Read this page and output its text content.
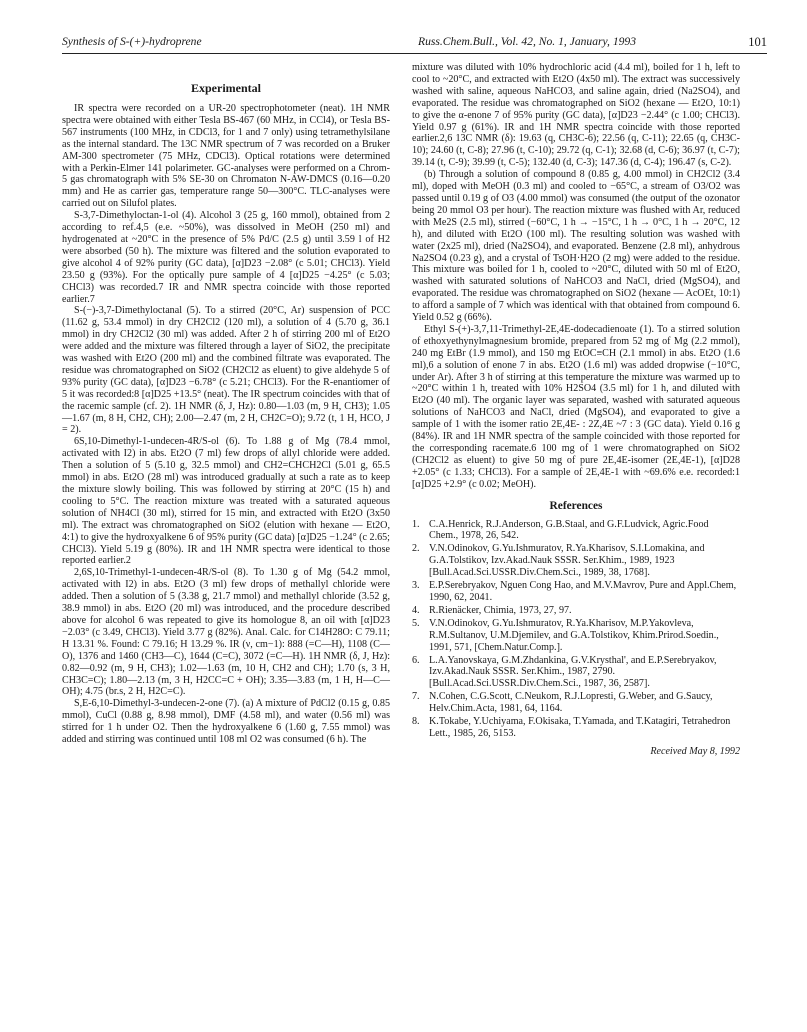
Synthesis of S-(+)-hydroprene	Russ.Chem.Bull., Vol. 42, No. 1, January, 1993	101
Experimental

IR spectra were recorded on a UR-20 spectrophotometer (neat). 1H NMR spectra were obtained with either Tesla BS-467 (60 MHz, in CCl4), or Tesla BS-567 instruments (100 MHz, in CDCl3, for 1 and 7 only) using tetramethylsilane as the internal standard. The 13C NMR spectrum of 7 was recorded on a Bruker AM-300 spectrometer (75 MHz, CDCl3). Optical rotations were determined with a Perkin-Elmer 141 polarimeter. GC-analyses were performed on a Chrom-5 gas chromatograph with 5% SE-30 on Chromaton N-AW-DMCS (0.16—0.20 mm) and He as carrier gas, temperature range 50—300°C. TLC-analyses were carried out on Silufol plates.

S-3,7-Dimethyloctan-1-ol (4). Alcohol 3 (25 g, 160 mmol), obtained from 2 according to ref.4,5 (e.e. ~50%), was dissolved in MeOH (250 ml) and hydrogenated at ~20°C in the presence of 5% Pd/C (2.5 g) until 3.59 l of H2 were absorbed (50 h). The mixture was filtered and the solution evaporated to give alcohol 4 of 92% purity (GC data), [α]D23 −2.08° (c 5.01; CHCl3). Yield 23.50 g (93%). For the optically pure sample of 4 [α]D25 −4.25° (c 5.03; CHCl3) was recorded.7 IR and NMR spectra coincide with those reported earlier.7

S-(−)-3,7-Dimethyloctanal (5). To a stirred (20°C, Ar) suspension of PCC (11.62 g, 53.4 mmol) in dry CH2Cl2 (120 ml), a solution of 4 (5.70 g, 36.1 mmol) in dry CH2Cl2 (30 ml) was added. After 2 h of stirring 200 ml of Et2O were added and the mixture was filtered through a layer of SiO2, the precipitate was washed with Et2O (200 ml) and the combined filtrate was evaporated. The residue was chromatographed on SiO2 (CH2Cl2 as eluent) to give aldehyde 5 of 93% purity (GC data), [α]D23 −6.78° (c 5.21; CHCl3). For the R-enantiomer of 5 it was recorded:8 [α]D25 +13.5° (neat). The IR spectrum coincides with that of the racemic sample (cf. 2). 1H NMR (δ, J, Hz): 0.80—1.03 (m, 9 H, CH3); 1.05—1.67 (m, 8 H, CH2, CH); 2.00—2.47 (m, 2 H, CH2C=O); 9.72 (t, 1 H, HCO, J = 2).

6S,10-Dimethyl-1-undecen-4R/S-ol (6). To 1.88 g of Mg (78.4 mmol, activated with I2) in abs. Et2O (7 ml) few drops of allyl chloride were added. Then a solution of 5 (5.10 g, 32.5 mmol) and CH2=CHCH2Cl (5.01 g, 65.5 mmol) in abs. Et2O (28 ml) was introduced gradually at such a rate as to keep the mixture slowly boiling. This was followed by stirring at 20°C (15 h) and cooling to 5°C. The reaction mixture was treated with a saturated aqueous solution of NH4Cl (30 ml), stirred for 15 min, and extracted with Et2O (3x50 ml). The extract was chromatographed on SiO2 (elution with hexane — Et2O, 4:1) to give the hydroxyalkene 6 of 95% purity (GC data) [α]D25 −1.24° (c 2.65; CHCl3). Yield 5.19 g (80%). IR and 1H NMR spectra were identical to those reported earlier.2

2,6S,10-Trimethyl-1-undecen-4R/S-ol (8). To 1.30 g of Mg (54.2 mmol, activated with I2) in abs. Et2O (3 ml) few drops of methallyl chloride were added. Then a solution of 5 (3.38 g, 21.7 mmol) and methallyl chloride (3.52 g, 38.9 mmol) in abs. Et2O (20 ml) was introduced, and the procedure described above for alcohol 6 was repeated to give its homologue 8, an oil with [α]D23 −2.03° (c 3.49, CHCl3). Yield 3.77 g (82%). Anal. Calc. for C14H28O: C 79.11; H 13.31 %. Found: C 79.16; H 13.29 %. IR (ν, cm−1): 888 (=C—H), 1108 (C—O), 1376 and 1460 (CH3—C), 1644 (C=C), 3072 (=C—H). 1H NMR (δ, J, Hz): 0.82—0.92 (m, 9 H, CH3); 1.02—1.63 (m, 10 H, CH2 and CH); 1.70 (s, 3 H, CH3C=C); 1.80—2.13 (m, 3 H, H2CC=C + OH); 3.35—3.83 (m, 1 H, H—C—OH); 4.75 (br.s, 2 H, H2C=C).

S,E-6,10-Dimethyl-3-undecen-2-one (7). (a) A mixture of PdCl2 (0.15 g, 0.85 mmol), CuCl (0.88 g, 8.98 mmol), DMF (4.58 ml), and water (0.56 ml) was stirred for 1 h under O2. Then the hydroxyalkene 6 (1.60 g, 7.55 mmol) was added and stirring was continued until 108 ml O2 was consumed (6 h). The

mixture was diluted with 10% hydrochloric acid (4.4 ml), boiled for 1 h, left to cool to ~20°C, and extracted with Et2O (4x50 ml). The extract was successively washed with saline, aqueous NaHCO3, and saline again, dried (Na2SO4), and evaporated. The residue was chromatographed on SiO2 (hexane — Et2O, 10:1) to give the α-enone 7 of 95% purity (GC data), [α]D23 −2.44° (c 1.00; CHCl3). Yield 0.97 g (61%). IR and 1H NMR spectra coincide with those reported earlier.2,6 13C NMR (δ): 19.63 (q, CH3C-6); 22.56 (q, C-11); 22.65 (q, CH3C-10); 24.60 (t, C-8); 27.96 (t, C-10); 29.72 (q, C-1); 32.68 (d, C-6); 36.97 (t, C-7); 39.14 (t, C-9); 39.99 (t, C-5); 132.40 (d, C-3); 147.36 (d, C-4); 196.47 (s, C-2).

(b) Through a solution of compound 8 (0.85 g, 4.00 mmol) in CH2Cl2 (3.4 ml), doped with MeOH (0.3 ml) and cooled to −65°C, a stream of O3/O2 was passed until 0.19 g of O3 (4.00 mmol) was consumed (the output of the ozonator being 20 mmol O3 per hour). The reaction mixture was flushed with Ar, reduced with Me2S (2.5 ml), stirred (−60°C, 1 h → −15°C, 1 h → 0°C, 1 h → 20°C, 12 h), and diluted with Et2O (100 ml). The resulting solution was washed with water (2x25 ml), dried (Na2SO4), and evaporated. Benzene (2.8 ml), anhydrous Na2SO4 (0.23 g), and a crystal of TsOH·H2O (2 mg) were added to the residue. This mixture was boiled for 1 h, cooled to ~20°C, diluted with 50 ml of Et2O, washed with saturated solutions of NaHCO3 and NaCl, dried (MgSO4), and evaporated. The residue was chromatographed on SiO2 (hexane — AcOEt, 10:1) to afford a sample of 7 which was identical with that obtained from compound 6. Yield 0.52 g (66%).

Ethyl S-(+)-3,7,11-Trimethyl-2E,4E-dodecadienoate (1). To a stirred solution of ethoxyethynylmagnesium bromide, prepared from 52 mg of Mg (2.2 mmol), 240 mg EtBr (1.9 mmol), and 150 mg EtOC≡CH (2.1 mmol) in abs. Et2O (1.6 ml),6 a solution of enone 7 in abs. Et2O (1.6 ml) was added dropwise (−10°C, under Ar). After 3 h of stirring at this temperature the mixture was warmed up to ~20°C within 1 h, treated with 10% H2SO4 (3.5 ml) for 1 h, and diluted with Et2O (40 ml). The organic layer was separated, washed with saturated aqueous solutions of NaHCO3 and NaCl, dried (MgSO4), and evaporated to give a sample of 1 with the isomer ratio 2E,4E- : 2Z,4E ~7 : 3 (GC data). Yield 0.16 g (84%). IR and 1H NMR spectra of the sample coincided with those reported for the corresponding racemate.6 100 mg of 1 were chromatographed on SiO2 (CH2Cl2 as eluent) to give 50 mg of pure 2E,4E-isomer (2E,4E-1), [α]D28 +2.05° (c 1.33; CHCl3). For a sample of 2E,4E-1 with ~69.6% e.e. recorded:1 [α]D25 +2.9° (c 0.02; MeOH).

References
1. C.A.Henrick, R.J.Anderson, G.B.Staal, and G.F.Ludvick, Agric.Food Chem., 1978, 26, 542.
2. V.N.Odinokov, G.Yu.Ishmuratov, R.Ya.Kharisov, S.I.Lomakina, and G.A.Tolstikov, Izv.Akad.Nauk SSSR. Ser.Khim., 1989, 1923 [Bull.Acad.Sci.USSR.Div.Chem.Sci., 1989, 38, 1768].
3. E.P.Serebryakov, Nguen Cong Hao, and M.V.Mavrov, Pure and Appl.Chem, 1990, 62, 2041.
4. R.Rienäcker, Chimia, 1973, 27, 97.
5. V.N.Odinokov, G.Yu.Ishmuratov, R.Ya.Kharisov, M.P.Yakovleva, R.M.Sultanov, U.M.Djemilev, and G.A.Tolstikov, Khim.Prirod.Soedin., 1991, 571, [Chem.Natur.Comp.].
6. L.A.Yanovskaya, G.M.Zhdankina, G.V.Krysthal', and E.P.Serebryakov, Izv.Akad.Nauk SSSR. Ser.Khim., 1987, 2790. [Bull.Acad.Sci.USSR.Div.Chem.Sci., 1987, 36, 2587].
7. N.Cohen, C.G.Scott, C.Neukom, R.J.Lopresti, G.Weber, and G.Saucy, Helv.Chim.Acta, 1981, 64, 1164.
8. K.Tokabe, Y.Uchiyama, F.Okisaka, T.Yamada, and T.Katagiri, Tetrahedron Lett., 1985, 26, 5153.
Received May 8, 1992
